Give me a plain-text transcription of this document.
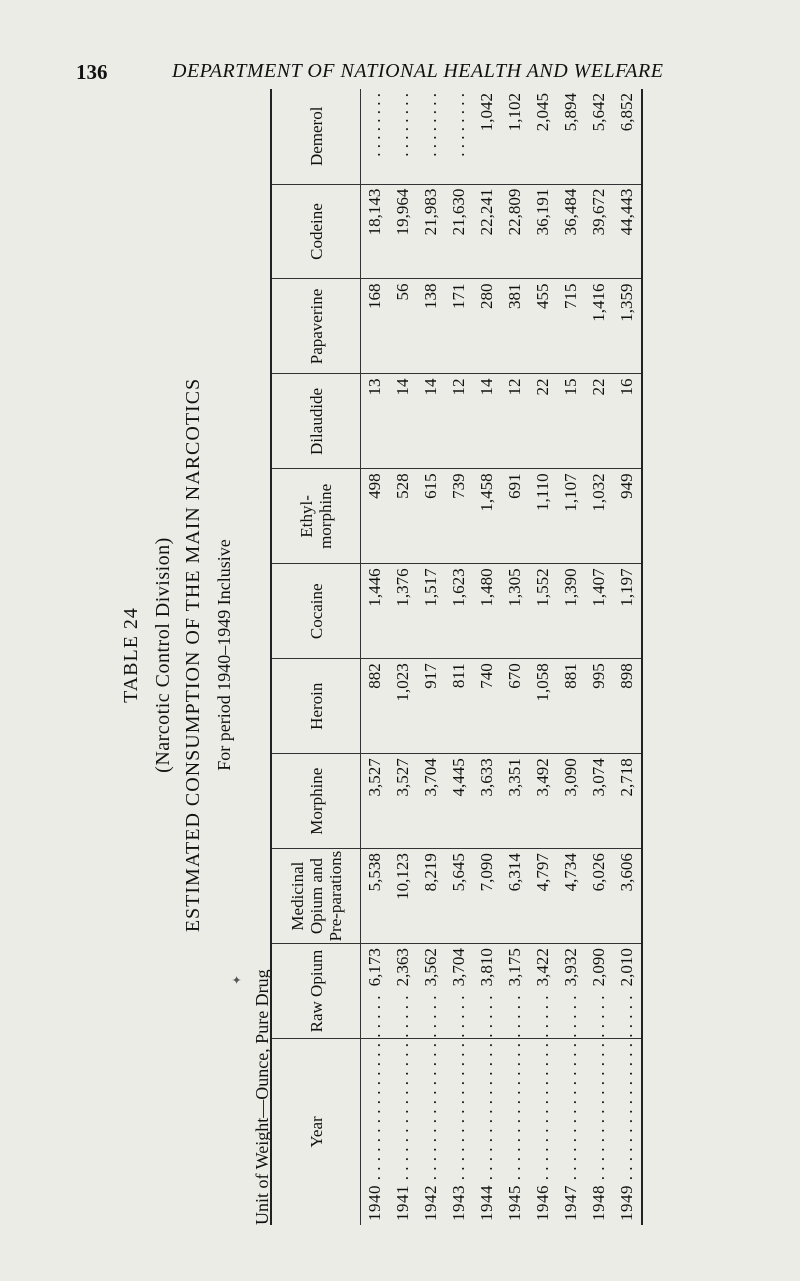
136	DEPARTMENT OF NATIONAL HEALTH AND WELFARE
TABLE 24 (Narcotic Control Division) ESTIMATED CONSUMPTION OF THE MAIN NARCOTICS For period 1940–1949 Inclusive
✦ Unit of Weight—Ounce, Pure Drug Year	Raw Opium	Medicinal Opium and Pre-parations	Morphine	Heroin	Cocaine	Ethyl-morphine	Dilaudide	Papaverine	Codeine	Demerol
1940 . . . . . . . . . . . . . . . . . . . .	6,173	5,538	3,527	882	1,446	498	13	168	18,143	. . . . . . . .
1941 . . . . . . . . . . . . . . . . . . . .	2,363	10,123	3,527	1,023	1,376	528	14	56	19,964	. . . . . . . .
1942 . . . . . . . . . . . . . . . . . . . .	3,562	8,219	3,704	917	1,517	615	14	138	21,983	. . . . . . . .
1943 . . . . . . . . . . . . . . . . . . . .	3,704	5,645	4,445	811	1,623	739	12	171	21,630	. . . . . . . .
1944 . . . . . . . . . . . . . . . . . . . .	3,810	7,090	3,633	740	1,480	1,458	14	280	22,241	1,042
1945 . . . . . . . . . . . . . . . . . . . .	3,175	6,314	3,351	670	1,305	691	12	381	22,809	1,102
1946 . . . . . . . . . . . . . . . . . . . .	3,422	4,797	3,492	1,058	1,552	1,110	22	455	36,191	2,045
1947 . . . . . . . . . . . . . . . . . . . .	3,932	4,734	3,090	881	1,390	1,107	15	715	36,484	5,894
1948 . . . . . . . . . . . . . . . . . . . .	2,090	6,026	3,074	995	1,407	1,032	22	1,416	39,672	5,642
1949 . . . . . . . . . . . . . . . . . . . .	2,010	3,606	2,718	898	1,197	949	16	1,359	44,443	6,852
